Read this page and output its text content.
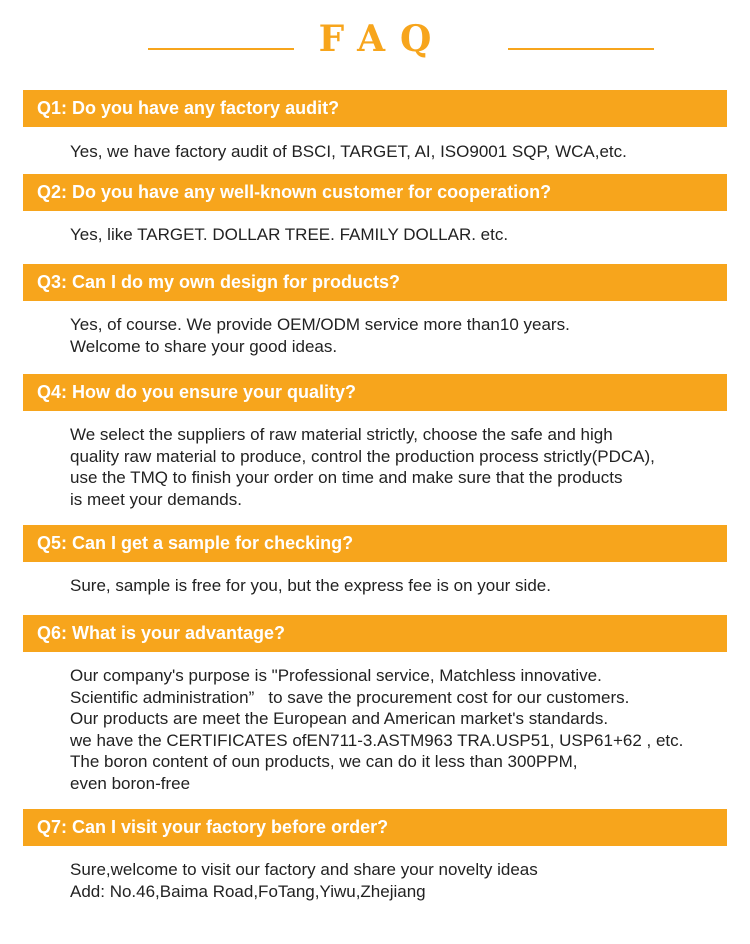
FAQ
Q1: Do you have any factory audit?
Yes, we have factory audit of BSCI, TARGET, AI, ISO9001 SQP, WCA,etc.
Q2: Do you have any well-known customer for cooperation?
Yes, like TARGET. DOLLAR TREE. FAMILY DOLLAR. etc.
Q3: Can I do my own design for products?
Yes, of course. We provide OEM/ODM service more than10 years.
Welcome to share your good ideas.
Q4: How do you ensure your quality?
We select the suppliers of raw material strictly, choose the safe and high
quality raw material to produce, control the production process strictly(PDCA),
use the TMQ to finish your order on time and make sure that the products
is meet your demands.
Q5: Can I get a sample for checking?
Sure, sample is free for you, but the express fee is on your side.
Q6: What is your advantage?
Our company's purpose is "Professional service, Matchless innovative.
Scientific administration”   to save the procurement cost for our customers.
Our products are meet the European and American market's standards.
we have the CERTIFICATES ofEN711-3.ASTM963 TRA.USP51, USP61+62 , etc.
The boron content of oun products, we can do it less than 300PPM,
even boron-free
Q7: Can I visit your factory before order?
Sure,welcome to visit our factory and share your novelty ideas
Add: No.46,Baima Road,FoTang,Yiwu,Zhejiang
